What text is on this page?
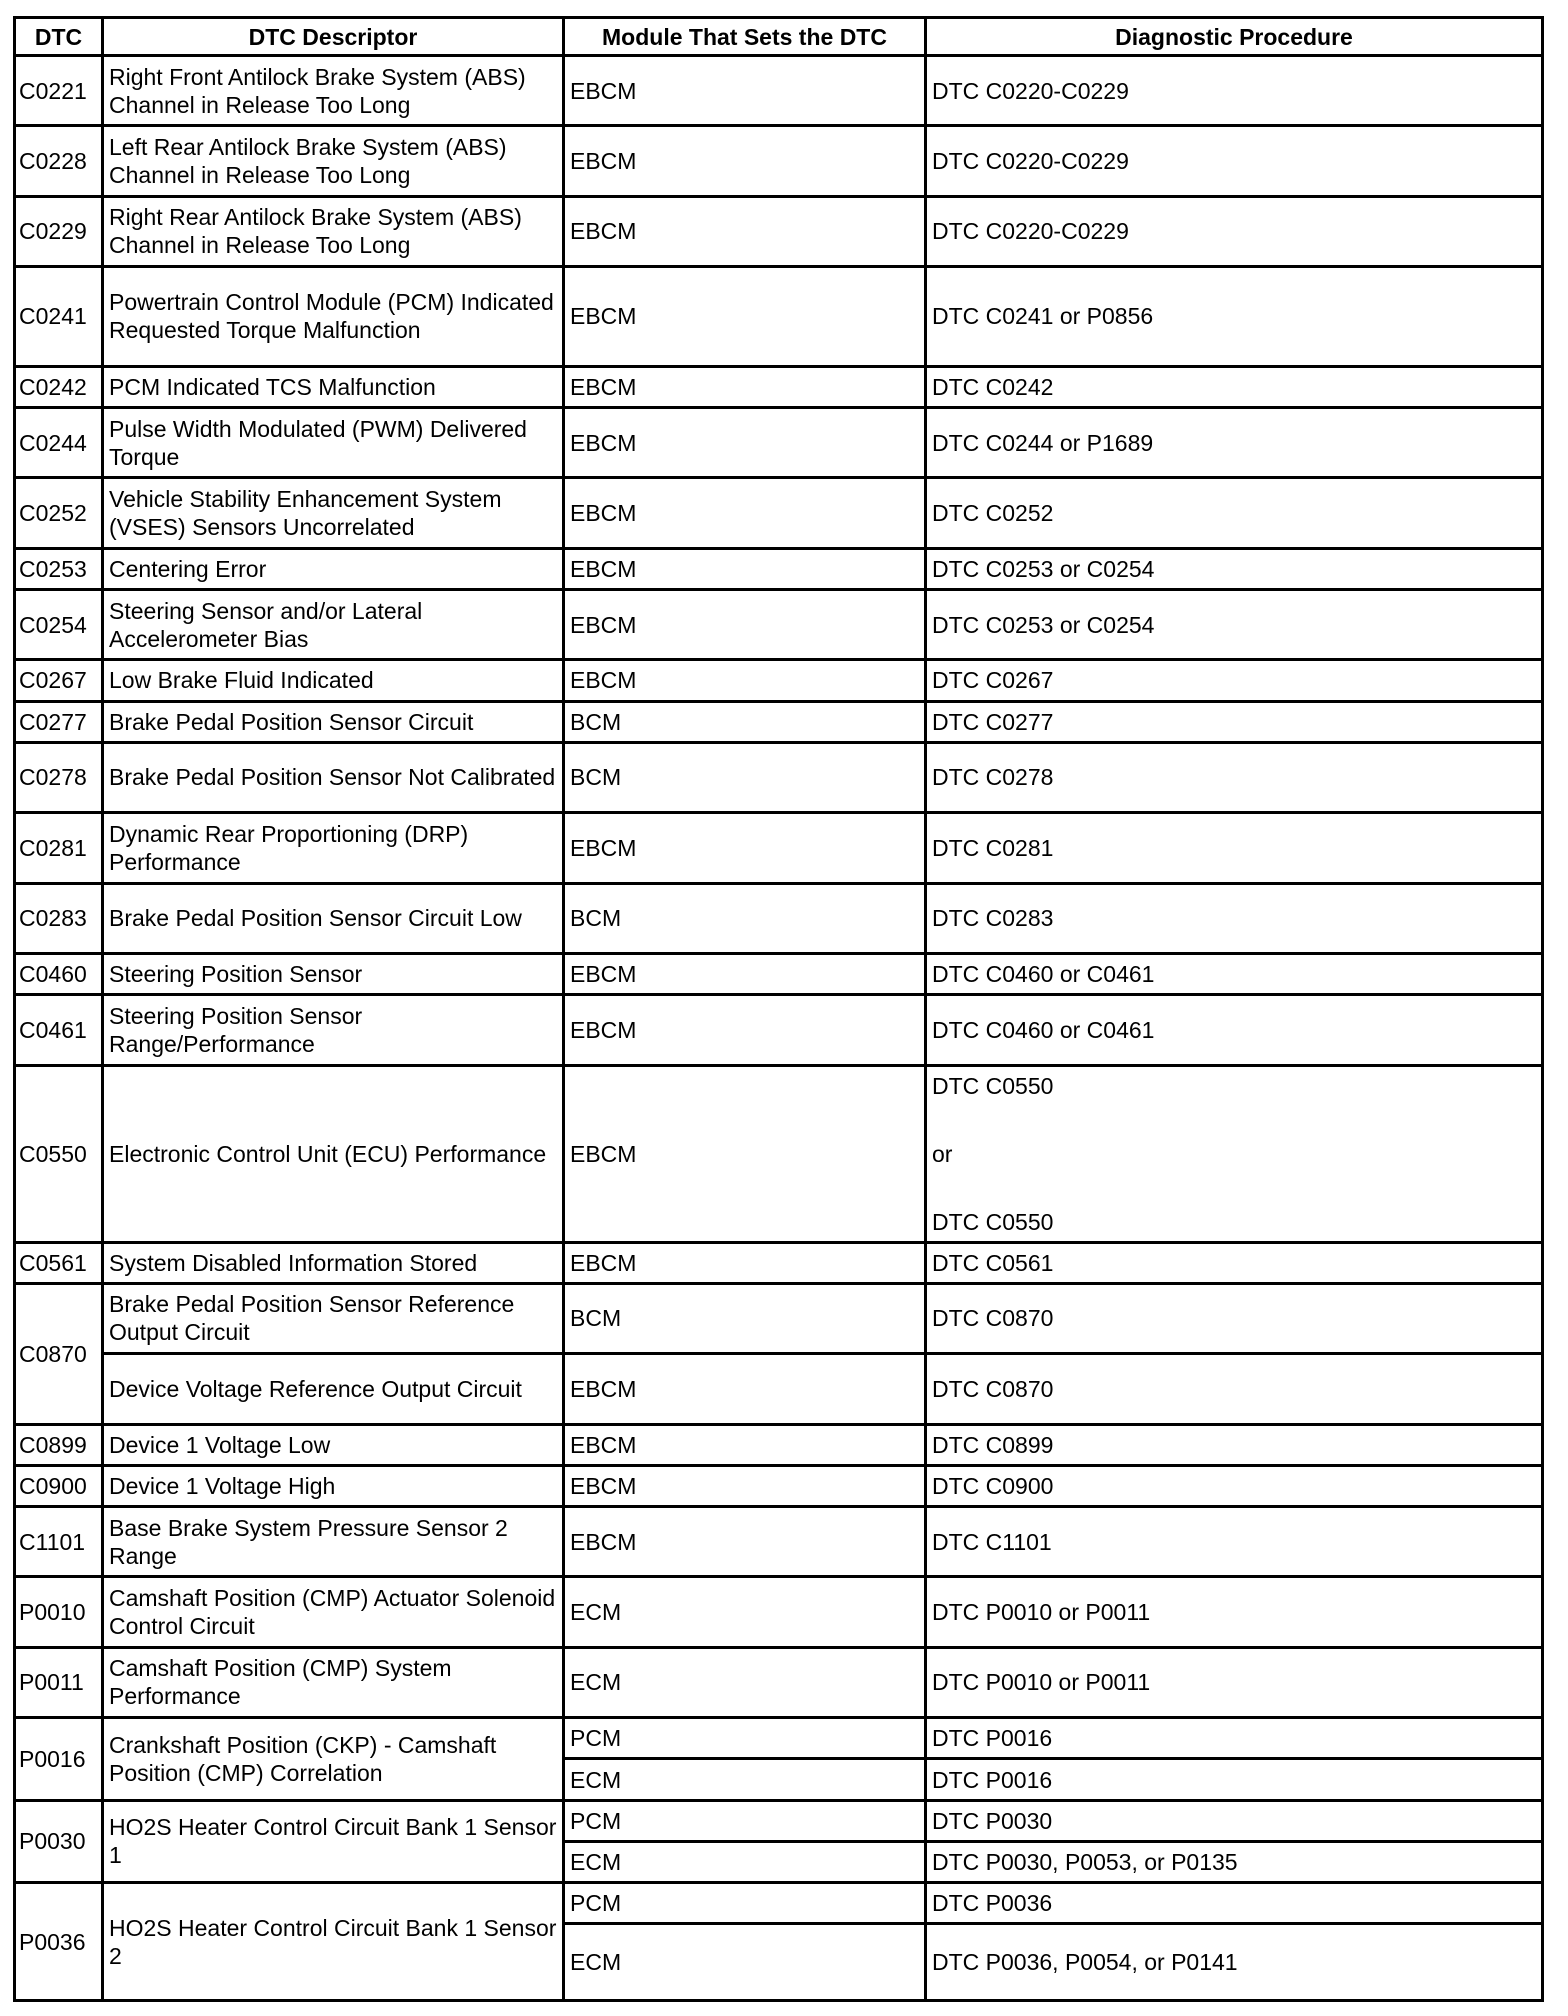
DTC	DTC Descriptor	Module That Sets the DTC	Diagnostic Procedure
C0221	Right Front Antilock Brake System (ABS) Channel in Release Too Long	EBCM	DTC C0220-C0229
C0228	Left Rear Antilock Brake System (ABS) Channel in Release Too Long	EBCM	DTC C0220-C0229
C0229	Right Rear Antilock Brake System (ABS) Channel in Release Too Long	EBCM	DTC C0220-C0229
C0241	Powertrain Control Module (PCM) Indicated Requested Torque Malfunction	EBCM	DTC C0241 or P0856
C0242	PCM Indicated TCS Malfunction	EBCM	DTC C0242
C0244	Pulse Width Modulated (PWM) Delivered Torque	EBCM	DTC C0244 or P1689
C0252	Vehicle Stability Enhancement System (VSES) Sensors Uncorrelated	EBCM	DTC C0252
C0253	Centering Error	EBCM	DTC C0253 or C0254
C0254	Steering Sensor and/or Lateral Accelerometer Bias	EBCM	DTC C0253 or C0254
C0267	Low Brake Fluid Indicated	EBCM	DTC C0267
C0277	Brake Pedal Position Sensor Circuit	BCM	DTC C0277
C0278	Brake Pedal Position Sensor Not Calibrated	BCM	DTC C0278
C0281	Dynamic Rear Proportioning (DRP) Performance	EBCM	DTC C0281
C0283	Brake Pedal Position Sensor Circuit Low	BCM	DTC C0283
C0460	Steering Position Sensor	EBCM	DTC C0460 or C0461
C0461	Steering Position Sensor Range/Performance	EBCM	DTC C0460 or C0461
C0550	Electronic Control Unit (ECU) Performance	EBCM	DTC C0550
or
DTC C0550

C0561	System Disabled Information Stored	EBCM	DTC C0561
C0870	Brake Pedal Position Sensor Reference Output Circuit	BCM	DTC C0870
	Device Voltage Reference Output Circuit	EBCM	DTC C0870
C0899	Device 1 Voltage Low	EBCM	DTC C0899
C0900	Device 1 Voltage High	EBCM	DTC C0900
C1101	Base Brake System Pressure Sensor 2 Range	EBCM	DTC C1101
P0010	Camshaft Position (CMP) Actuator Solenoid Control Circuit	ECM	DTC P0010 or P0011
P0011	Camshaft Position (CMP) System Performance	ECM	DTC P0010 or P0011
P0016	Crankshaft Position (CKP) - Camshaft Position (CMP) Correlation	PCM	DTC P0016
		ECM	DTC P0016
P0030	HO2S Heater Control Circuit Bank 1 Sensor 1	PCM	DTC P0030
		ECM	DTC P0030, P0053, or P0135
P0036	HO2S Heater Control Circuit Bank 1 Sensor 2	PCM	DTC P0036
		ECM	DTC P0036, P0054, or P0141
